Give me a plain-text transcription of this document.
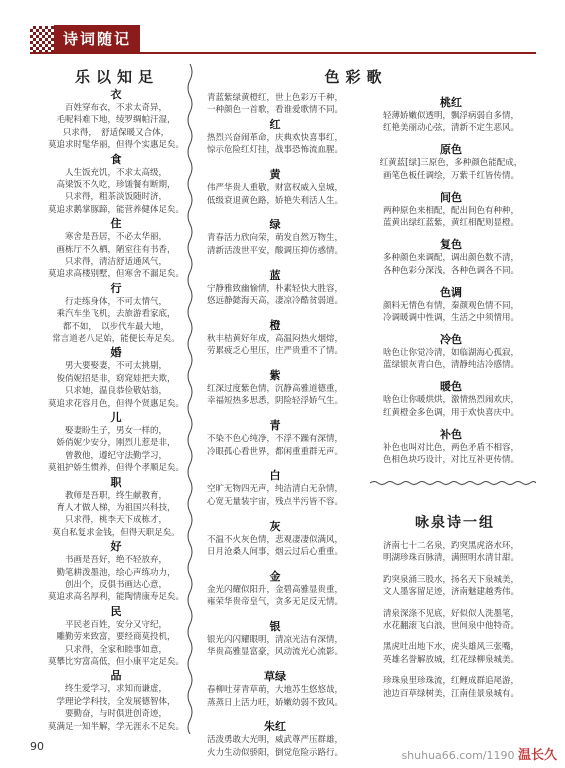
诗词随记
乐以知足	色彩歌
咏泉诗一组
90
shuhua66.com/1190 温长久
衣
百姓穿布衣，不求太奇异，
毛呢料难下地，绫罗绸帕汗湿，
只求得，　舒适保暖又合体，
莫追求时髦华丽，但得个实惠足矣。
食
人生饭充饥，不求太高级，
高梁饭不久吃，珍馐餐有断期，
只求得，粗茶淡饭随时济，
莫追求鹅掌豚蹄，能营养健体足矣。
住
寒舍是吾居，不必太华丽，
画栋厅不久栖，陋室往有书香，
只求得，清洁舒适通风气，
莫追求高楼别墅，但寒舍不漏足矣。
行
行走练身体，不可太情气，
乘汽车坐飞机，去旅游看家底，
都不如，　以步代车最大地，
常言道老八足始，能便长寿足矣。
婚
男大要娶妻，不可太挑剔，
俊俏妮招是非，窈窕娃把夫欺，
只求她，温良恭俭敬姑翁，
莫追求花容月色，但得个贤惠足矣。
儿
娶妻盼生子，男女一样的，
娇俏妮少安分，刚烈儿惹是非，
曾教他，遵纪守法勤学习，
莫祖护娇生惯养，但得个孝顺足矣。
职
教师是吾职，终生献教育，
育人才做人梯，为祖国兴科技，
只求得，桃李天下成栋才，
莫自私复求金钱，但得天职足矣。
好
书画是吾好，绝不轻放弃，
勤笔耕泼墨池，绘心声练功力，
创出个，反俱书画达心意，
莫追求高名厚利，能陶情康寿足矣。
民
平民老百姓，安分又守纪，
雕勤劳来致富，要经商莫投机，
只求得，全家和睦事如意，
莫攀比穷富高低，但小康平定足矣。
品
终生爱学习，求知而谦虚，
学理论学科技，全发展德智体，
要勤奋，与时俱进创奇迹，
莫满足一知半解，学无涯永不足矣。
青蓝紫绿黄橙红，世上色彩万千种，
一种颜色一首歌，看谁爱歌情不同。
红
热烈兴奋闹革命，庆典欢快喜事红，
惊示危险红灯挂，战事恐怖流血腥。
黄
伟严华贵人重敬，财富权威入皇城，
低级衰退黄色路，娇艳失利活人生。
绿
青春活力欣向荣，萌发自然万物生，
清新活泼世平安，酸调压抑仿惑情。
蓝
宁静雅致幽愉情，朴素轻快大胜容，
悠远静懿海天高，凄凉冷酷贫弱道。
橙
秋丰桔黄好年成，高温闷热火烟熔，
劳累疲乏心里压，庄严贵重不了情。
紫
红深过度紫色情，沉静高雅道德重，
幸福短热多思悉，阴险轻浮娇气生。
青
不染不色心纯净，不浮不躁有深情，
冷眼孤心看世界，都闲重重群无声。
白
空旷无物四无声，纯洁清白无杂情，
心宽无量装宇宙，残点半污皆不容。
灰
不温不火灰色情，悲观凄凄似满风，
日月沧桑人间事，烟云过后心重重。
金
金光闪耀似阳升，金碧高雅显贵重，
雍荣华贵帝皇气，贪多无足反无情。
银
银光闪闪耀眼明，清凉光洁有深情，
华贵高雅显富豪，风动流光心流影。
草绿
春柳吐芽青草萌，大地苏生悠悠哉，
蒸蒸日上活力旺，娇嫩幼弱不致风。
朱红
活泼勇敢大光明，威武尊严压群雄，
火力生动似骄阳，倒觉危险示路行。
桃红
轻薄娇嫩似透明，飘浮病弱自多情，
红艳美丽动心弦，清新不定生恶风。
原色
红黄蓝[绿]三原色，多种颜色能配成，
画笔色板任调绘，万紫千红皆传情。
间色
两种原色来相配，配出间色有种种，
蓝黄出绿红蓝紫，黄红相配则显橙。
复色
多种颜色来调配，调出颜色数不清，
各种色彩分深浅，各种色调各不同。
色调
颜料无情色有情，秦颜观色情不同，
冷调暖调中性调，生活之中须情用。
冷色
啥色让你觉冷清，如临湖海心孤寂，
蓝绿银灰青白色，清静纯洁冷感情。
暖色
啥色让你暖烘烘，激情热烈闹欢庆，
红黄橙金多色调，用于欢快喜庆中。
补色
补色也叫对比色，两色矛盾不相容，
色相色块巧设计，对比互补更传情。
济南七十二名泉，趵突黑虎洛水环，
明湖珍珠百脉清，满照明水清甘甜。
趵突泉涌三股水，扬名天下泉城美，
文人墨客留足迹，济南魅建越秀伟。
清泉深涤不见底，好似似人洗墨笔，
水花翻滚飞白浪，世间泉中他特奇。
黑虎吐出地下水，虎头雄风三张嘴，
英雄名誉解放城，红花绿柳泉城美。
珍珠泉里珍珠流，红鲤成群追尾游，
池边百草绿树美，江南佳景泉城有。
